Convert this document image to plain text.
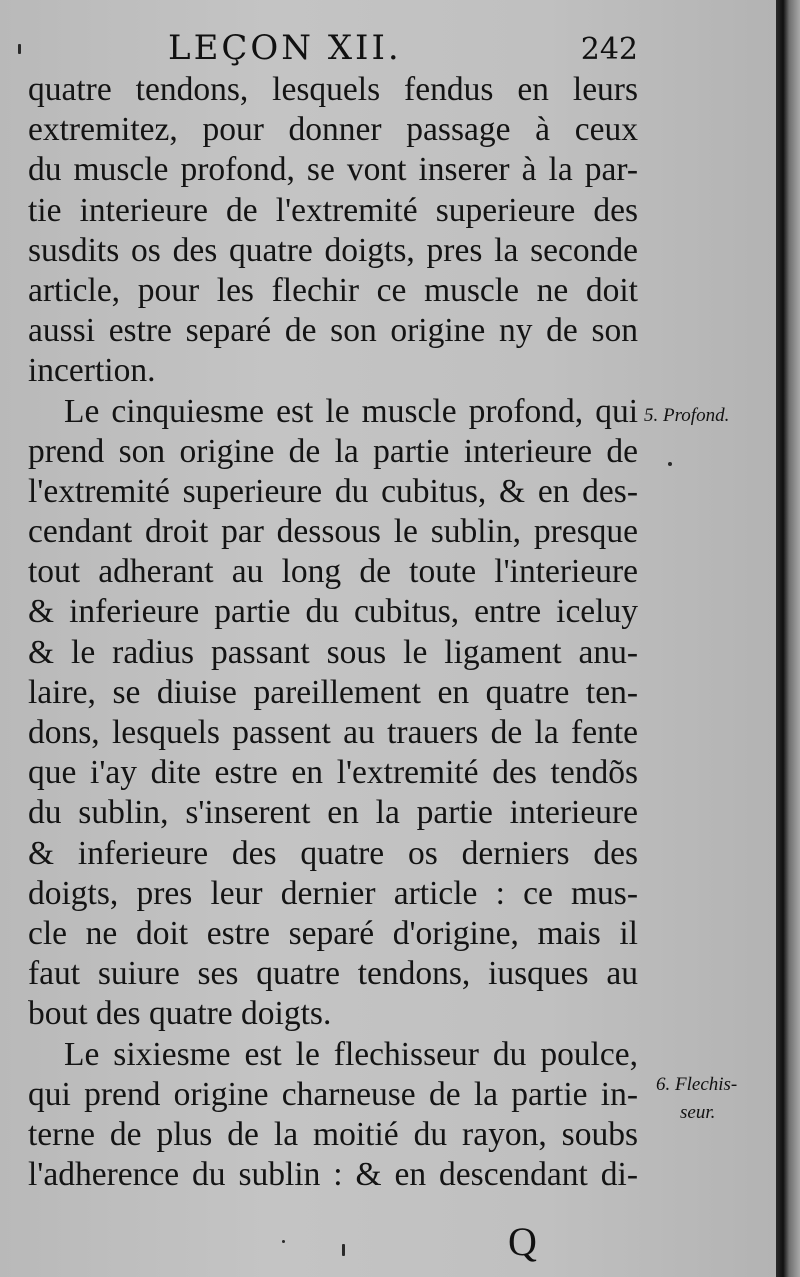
LEÇON XII.	242
quatre tendons, lesquels fendus en leurs
extremitez, pour donner passage à ceux
du muscle profond, se vont inserer à la par-
tie interieure de l'extremité superieure des
susdits os des quatre doigts, pres la seconde
article, pour les flechir ce muscle ne doit
aussi estre separé de son origine ny de son
incertion.
Le cinquiesme est le muscle profond, qui
prend son origine de la partie interieure de
l'extremité superieure du cubitus, & en des-
cendant droit par dessous le sublin, presque
tout adherant au long de toute l'interieure
& inferieure partie du cubitus, entre iceluy
& le radius passant sous le ligament anu-
laire, se diuise pareillement en quatre ten-
dons, lesquels passent au trauers de la fente
que i'ay dite estre en l'extremité des tendõs
du sublin, s'inserent en la partie interieure
& inferieure des quatre os derniers des
doigts, pres leur dernier article : ce mus-
cle ne doit estre separé d'origine, mais il
faut suiure ses quatre tendons, iusques au
bout des quatre doigts.
Le sixiesme est le flechisseur du poulce,
qui prend origine charneuse de la partie in-
terne de plus de la moitié du rayon, soubs
l'adherence du sublin : & en descendant di-
5. Profond.
6. Flechis-
seur.
Q
